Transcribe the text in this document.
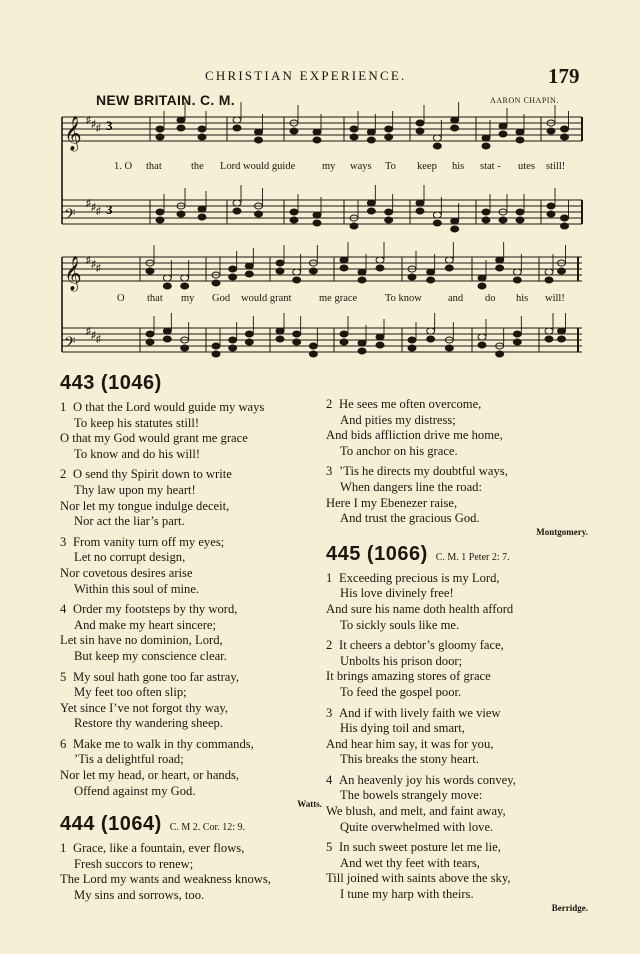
CHRISTIAN EXPERIENCE.	179
NEW BRITAIN. C. M.	AARON CHAPIN.
𝄞 ♯ ♯ ♯
𝄢
♯ ♯ ♯
𝄞 ♯ ♯ ♯
𝄢
♯ ♯ ♯
3
3
1. O that	the Lord would guide	my ways To keep his stat - utes still!
O that my God would grant	me grace	To know and do his will!
443 (1046)
1 O that the Lord would guide my ways
To keep his statutes still!
O that my God would grant me grace
To know and do his will!
2 O send thy Spirit down to write
Thy law upon my heart!
Nor let my tongue indulge deceit,
Nor act the liar’s part.
3 From vanity turn off my eyes;
Let no corrupt design,
Nor covetous desires arise
Within this soul of mine.
4 Order my footsteps by thy word,
And make my heart sincere;
Let sin have no dominion, Lord,
But keep my conscience clear.
5 My soul hath gone too far astray,
My feet too often slip;
Yet since I’ve not forgot thy way,
Restore thy wandering sheep.
6 Make me to walk in thy commands,
’Tis a delightful road;
Nor let my head, or heart, or hands,
Offend against my God.
Watts.
444 (1064) C. M 2. Cor. 12: 9.
1 Grace, like a fountain, ever flows,
Fresh succors to renew;
The Lord my wants and weakness knows,
My sins and sorrows, too.
2 He sees me often overcome,
And pities my distress;
And bids affliction drive me home,
To anchor on his grace.
3 ’Tis he directs my doubtful ways,
When dangers line the road:
Here I my Ebenezer raise,
And trust the gracious God.
Montgomery.
445 (1066) C. M. 1 Peter 2: 7.
1 Exceeding precious is my Lord,
His love divinely free!
And sure his name doth health afford
To sickly souls like me.
2 It cheers a debtor’s gloomy face,
Unbolts his prison door;
It brings amazing stores of grace
To feed the gospel poor.
3 And if with lively faith we view
His dying toil and smart,
And hear him say, it was for you,
This breaks the stony heart.
4 An heavenly joy his words convey,
The bowels strangely move:
We blush, and melt, and faint away,
Quite overwhelmed with love.
5 In such sweet posture let me lie,
And wet thy feet with tears,
Till joined with saints above the sky,
I tune my harp with theirs.
Berridge.
